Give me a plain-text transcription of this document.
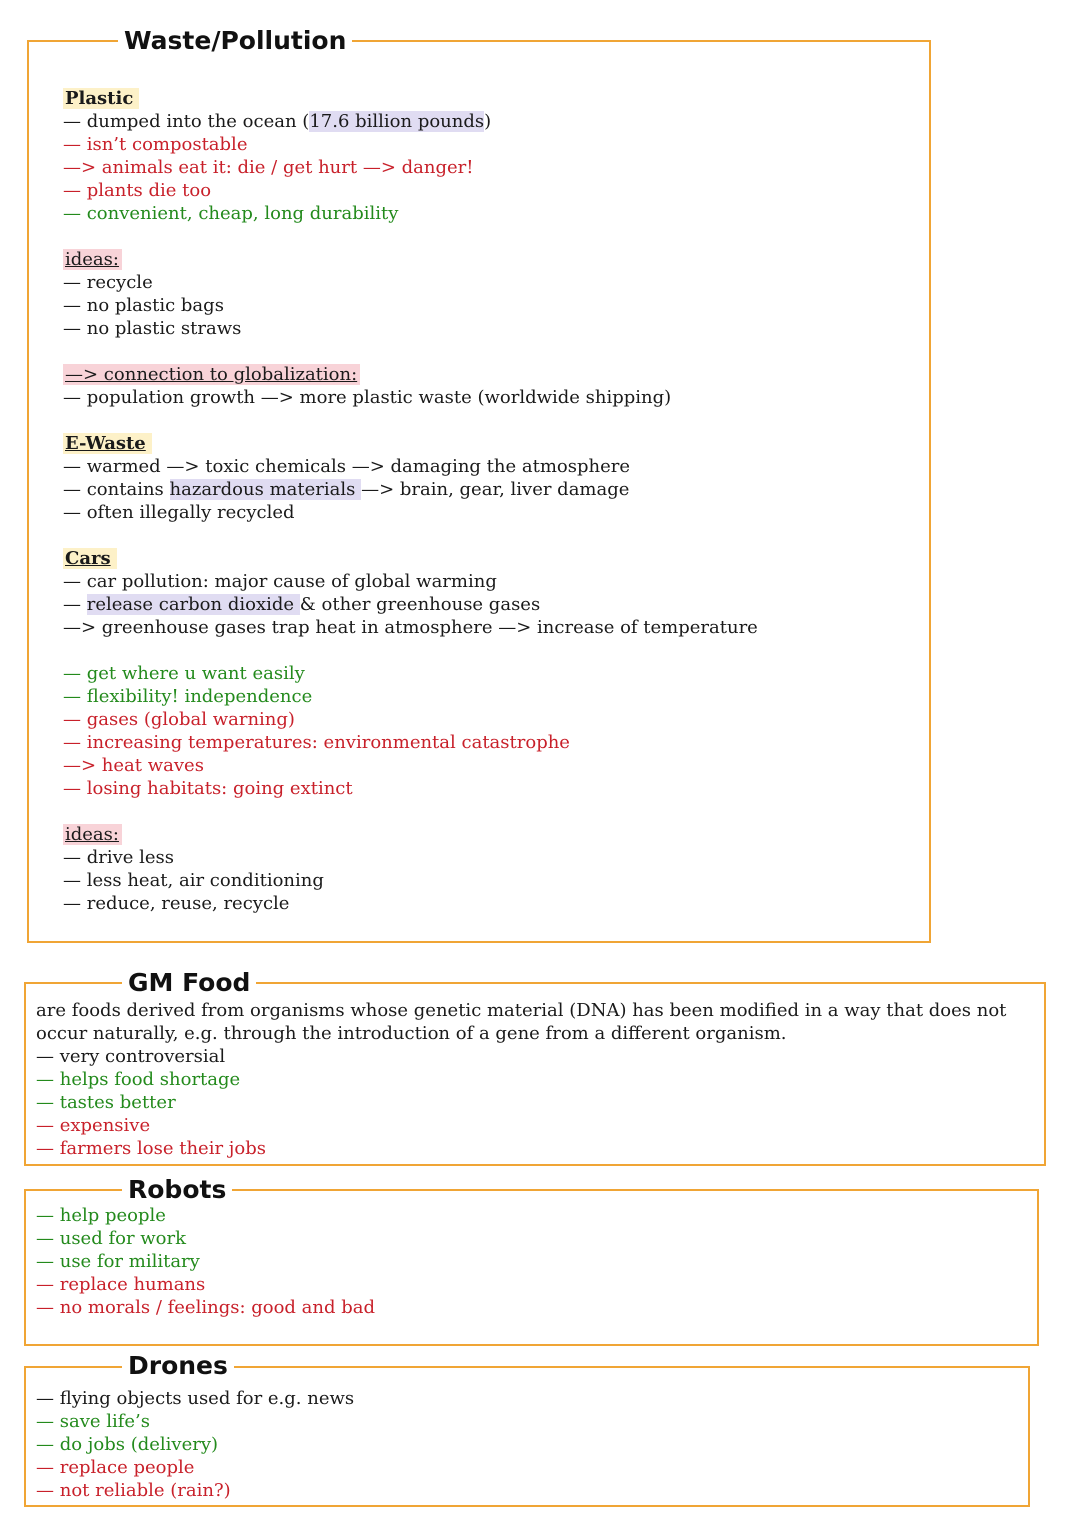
Waste/Pollution
Plastic
— dumped into the ocean (17.6 billion pounds)
— isn’t compostable
—> animals eat it: die / get hurt —> danger!
— plants die too
— convenient, cheap, long durability
ideas:
— recycle
— no plastic bags
— no plastic straws
—> connection to globalization:
— population growth —> more plastic waste (worldwide shipping)
E-Waste
— warmed —> toxic chemicals —> damaging the atmosphere
— contains hazardous materials —> brain, gear, liver damage
— often illegally recycled
Cars
— car pollution: major cause of global warming
— release carbon dioxide & other greenhouse gases
—> greenhouse gases trap heat in atmosphere —> increase of temperature
— get where u want easily
— flexibility! independence
— gases (global warning)
— increasing temperatures: environmental catastrophe
—> heat waves
— losing habitats: going extinct
ideas:
— drive less
— less heat, air conditioning
— reduce, reuse, recycle
GM Food
are foods derived from organisms whose genetic material (DNA) has been modified in a way that does not occur naturally, e.g. through the introduction of a gene from a different organism.
— very controversial
— helps food shortage
— tastes better
— expensive
— farmers lose their jobs
Robots
— help people
— used for work
— use for military
— replace humans
— no morals / feelings: good and bad
Drones
— flying objects used for e.g. news
— save life’s
— do jobs (delivery)
— replace people
— not reliable (rain?)
